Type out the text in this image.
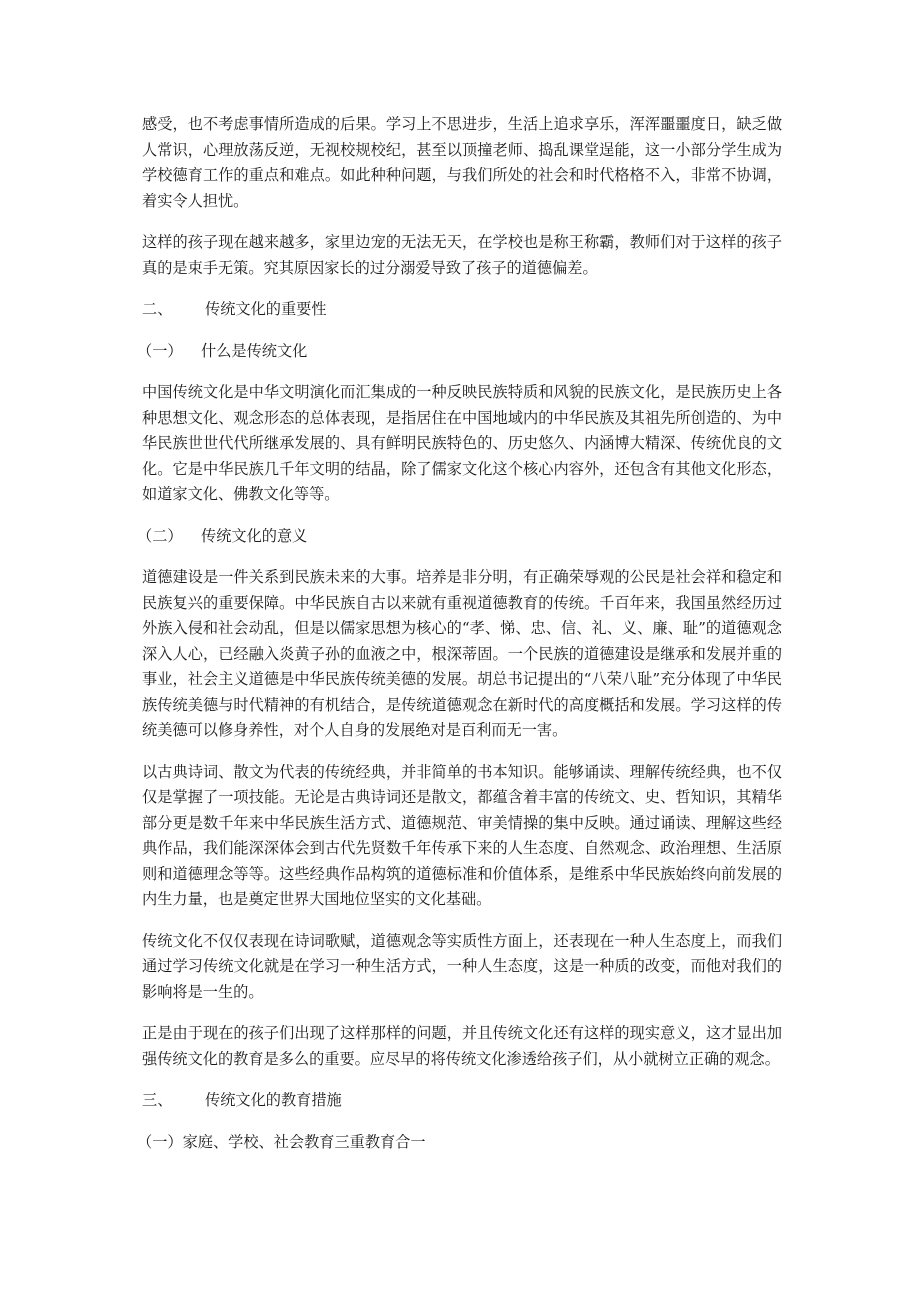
感受，也不考虑事情所造成的后果。学习上不思进步，生活上追求享乐，浑浑噩噩度日，缺乏做人常识，心理放荡反逆，无视校规校纪，甚至以顶撞老师、捣乱课堂逞能，这一小部分学生成为学校德育工作的重点和难点。如此种种问题，与我们所处的社会和时代格格不入，非常不协调，着实令人担忧。

这样的孩子现在越来越多，家里边宠的无法无天，在学校也是称王称霸，教师们对于这样的孩子真的是束手无策。究其原因家长的过分溺爱导致了孩子的道德偏差。

二、 传统文化的重要性
（一） 什么是传统文化

中国传统文化是中华文明演化而汇集成的一种反映民族特质和风貌的民族文化，是民族历史上各种思想文化、观念形态的总体表现，是指居住在中国地域内的中华民族及其祖先所创造的、为中华民族世世代代所继承发展的、具有鲜明民族特色的、历史悠久、内涵博大精深、传统优良的文化。它是中华民族几千年文明的结晶，除了儒家文化这个核心内容外，还包含有其他文化形态，如道家文化、佛教文化等等。

（二） 传统文化的意义

道德建设是一件关系到民族未来的大事。培养是非分明，有正确荣辱观的公民是社会祥和稳定和民族复兴的重要保障。中华民族自古以来就有重视道德教育的传统。千百年来，我国虽然经历过外族入侵和社会动乱，但是以儒家思想为核心的“孝、悌、忠、信、礼、义、廉、耻”的道德观念深入人心，已经融入炎黄子孙的血液之中，根深蒂固。一个民族的道德建设是继承和发展并重的事业，社会主义道德是中华民族传统美德的发展。胡总书记提出的“八荣八耻”充分体现了中华民族传统美德与时代精神的有机结合，是传统道德观念在新时代的高度概括和发展。学习这样的传统美德可以修身养性，对个人自身的发展绝对是百利而无一害。

以古典诗词、散文为代表的传统经典，并非简单的书本知识。能够诵读、理解传统经典，也不仅仅是掌握了一项技能。无论是古典诗词还是散文，都蕴含着丰富的传统文、史、哲知识，其精华部分更是数千年来中华民族生活方式、道德规范、审美情操的集中反映。通过诵读、理解这些经典作品，我们能深深体会到古代先贤数千年传承下来的人生态度、自然观念、政治理想、生活原则和道德理念等等。这些经典作品构筑的道德标准和价值体系，是维系中华民族始终向前发展的内生力量，也是奠定世界大国地位坚实的文化基础。

传统文化不仅仅表现在诗词歌赋，道德观念等实质性方面上，还表现在一种人生态度上，而我们通过学习传统文化就是在学习一种生活方式，一种人生态度，这是一种质的改变，而他对我们的影响将是一生的。

正是由于现在的孩子们出现了这样那样的问题，并且传统文化还有这样的现实意义，这才显出加强传统文化的教育是多么的重要。应尽早的将传统文化渗透给孩子们，从小就树立正确的观念。

三、 传统文化的教育措施
（一）家庭、学校、社会教育三重教育合一
